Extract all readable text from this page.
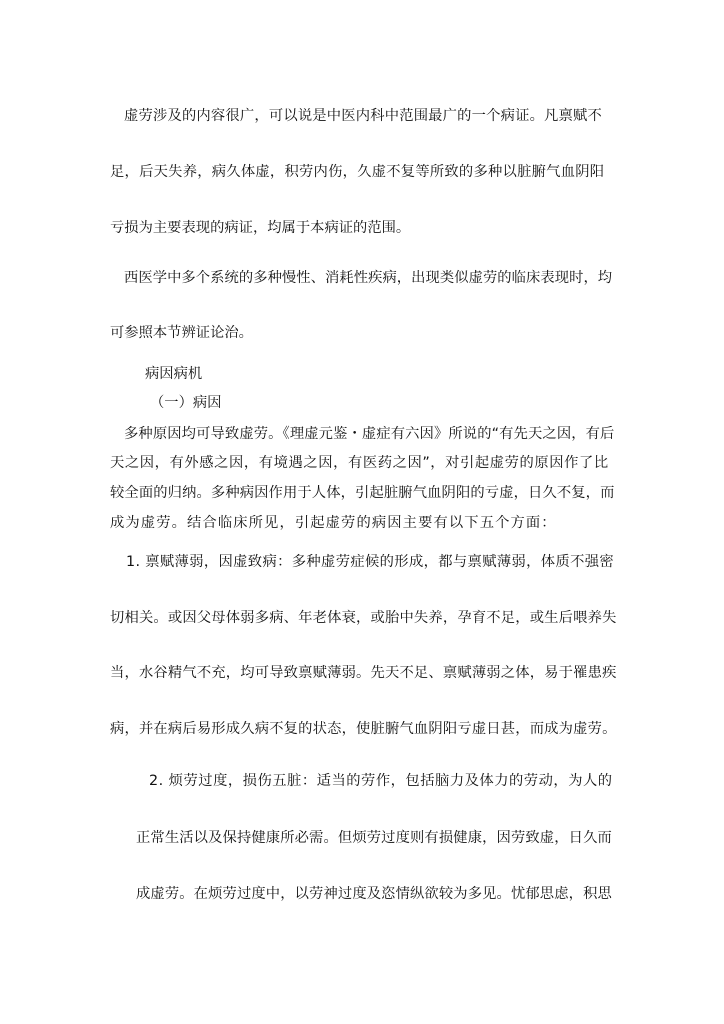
虚劳涉及的内容很广，可以说是中医内科中范围最广的一个病证。凡禀赋不
足，后天失养，病久体虚，积劳内伤，久虚不复等所致的多种以脏腑气血阴阳
亏损为主要表现的病证，均属于本病证的范围。
西医学中多个系统的多种慢性、消耗性疾病，出现类似虚劳的临床表现时，均
可参照本节辨证论治。
病因病机
（一）病因
多种原因均可导致虚劳。《理虚元鉴・虚症有六因》所说的“有先天之因，有后
天之因，有外感之因，有境遇之因，有医药之因”，对引起虚劳的原因作了比
较全面的归纳。多种病因作用于人体，引起脏腑气血阴阳的亏虚，日久不复，而
成为虚劳。结合临床所见，引起虚劳的病因主要有以下五个方面：
1. 禀赋薄弱，因虚致病：多种虚劳症候的形成，都与禀赋薄弱，体质不强密
切相关。或因父母体弱多病、年老体衰，或胎中失养，孕育不足，或生后喂养失
当，水谷精气不充，均可导致禀赋薄弱。先天不足、禀赋薄弱之体，易于罹患疾
病，并在病后易形成久病不复的状态，使脏腑气血阴阳亏虚日甚，而成为虚劳。
2. 烦劳过度，损伤五脏：适当的劳作，包括脑力及体力的劳动，为人的
正常生活以及保持健康所必需。但烦劳过度则有损健康，因劳致虚，日久而
成虚劳。在烦劳过度中，以劳神过度及恣情纵欲较为多见。忧郁思虑，积思
